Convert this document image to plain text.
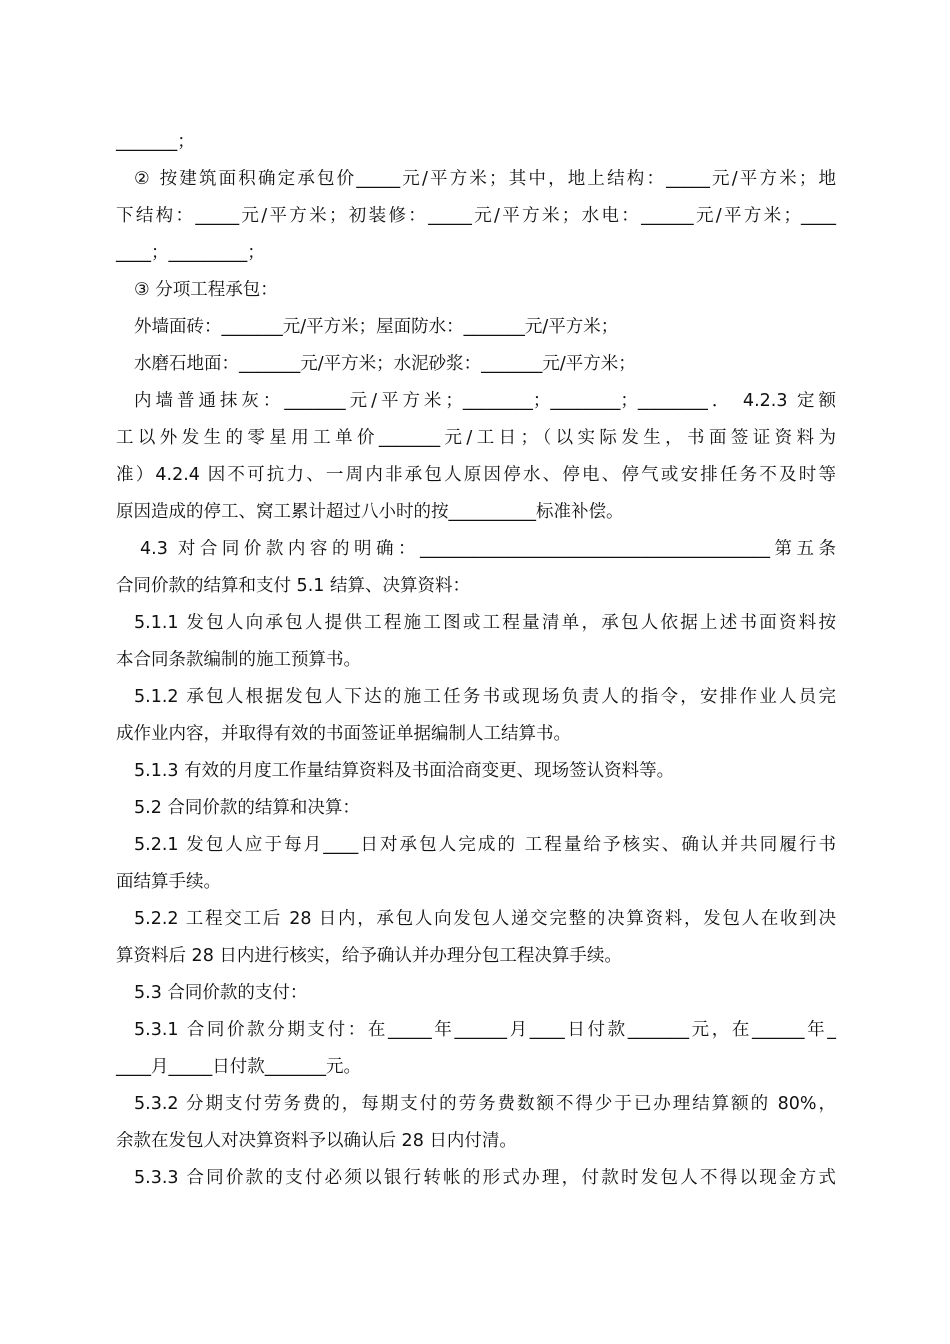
_______；
② 按建筑面积确定承包价_____元/平方米；其中，地上结构：_____元/平方米；地
下结构：_____元/平方米；初装修：_____元/平方米；水电：______元/平方米；____
____；_________；
③ 分项工程承包：
外墙面砖：_______元/平方米；屋面防水：_______元/平方米；
水磨石地面：_______元/平方米；水泥砂浆：_______元/平方米；
内墙普通抹灰：_______元/平方米；________；________；________． 4.2.3 定额
工以外发生的零星用工单价_______元/工日；（以实际发生，书面签证资料为
准）4.2.4 因不可抗力、一周内非承包人原因停水、停电、停气或安排任务不及时等
原因造成的停工、窝工累计超过八小时的按__________标准补偿。
4.3 对合同价款内容的明确：________________________________________第五条
合同价款的结算和支付 5.1 结算、决算资料：
5.1.1 发包人向承包人提供工程施工图或工程量清单，承包人依据上述书面资料按
本合同条款编制的施工预算书。
5.1.2 承包人根据发包人下达的施工任务书或现场负责人的指令，安排作业人员完
成作业内容，并取得有效的书面签证单据编制人工结算书。
5.1.3 有效的月度工作量结算资料及书面洽商变更、现场签认资料等。
5.2 合同价款的结算和决算：
5.2.1 发包人应于每月____日对承包人完成的 工程量给予核实、确认并共同履行书
面结算手续。
5.2.2 工程交工后 28 日内，承包人向发包人递交完整的决算资料，发包人在收到决
算资料后 28 日内进行核实，给予确认并办理分包工程决算手续。
5.3 合同价款的支付：
5.3.1 合同价款分期支付：在_____年______月____日付款_______元，在______年_
____月_____日付款_______元。
5.3.2 分期支付劳务费的，每期支付的劳务费数额不得少于已办理结算额的 80%，
余款在发包人对决算资料予以确认后 28 日内付清。
5.3.3 合同价款的支付必须以银行转帐的形式办理，付款时发包人不得以现金方式
